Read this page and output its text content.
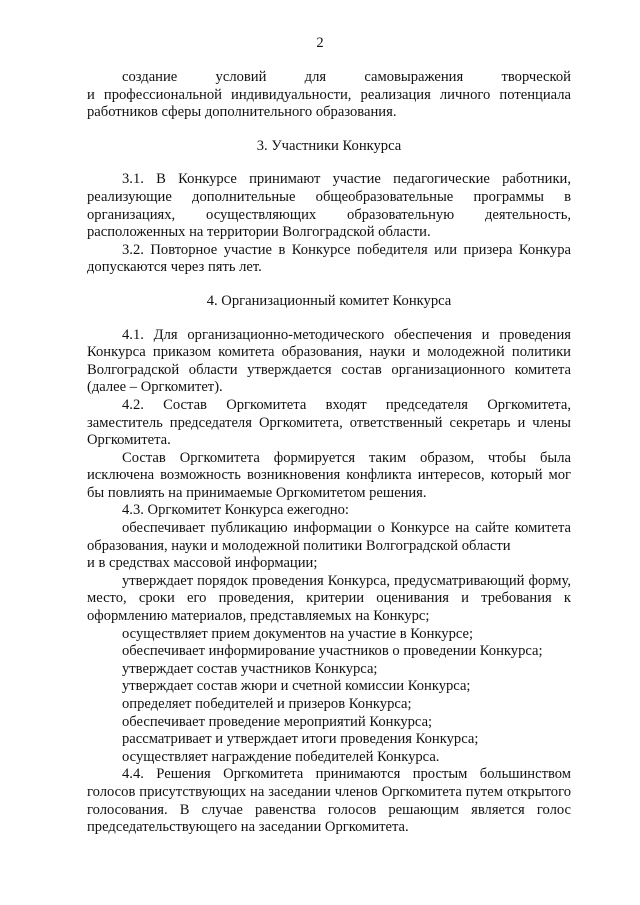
2

создание условий для самовыражения творческой

и профессиональной индивидуальности, реализация личного потенциала работников сферы дополнительного образования.

3. Участники Конкурса

3.1. В Конкурсе принимают участие педагогические работники, реализующие дополнительные общеобразовательные программы в организациях, осуществляющих образовательную деятельность, расположенных на территории Волгоградской области.

3.2. Повторное участие в Конкурсе победителя или призера Конкура допускаются через пять лет.

4. Организационный комитет Конкурса

4.1. Для организационно-методического обеспечения и проведения Конкурса приказом комитета образования, науки и молодежной политики Волгоградской области утверждается состав организационного комитета (далее – Оргкомитет).

4.2. Состав Оргкомитета входят председателя Оргкомитета, заместитель председателя Оргкомитета, ответственный секретарь и члены Оргкомитета.

Состав Оргкомитета формируется таким образом, чтобы была исключена возможность возникновения конфликта интересов, который мог бы повлиять на принимаемые Оргкомитетом решения.

4.3. Оргкомитет Конкурса ежегодно:

обеспечивает публикацию информации о Конкурсе на сайте комитета образования, науки и молодежной политики Волгоградской области

и в средствах массовой информации;

утверждает порядок проведения Конкурса, предусматривающий форму, место, сроки его проведения, критерии оценивания и требования к оформлению материалов, представляемых на Конкурс;

осуществляет прием документов на участие в Конкурсе;

обеспечивает информирование участников о проведении Конкурса;

утверждает состав участников Конкурса;

утверждает состав жюри и счетной комиссии Конкурса;

определяет победителей и призеров Конкурса;

обеспечивает проведение мероприятий Конкурса;

рассматривает и утверждает итоги проведения Конкурса;

осуществляет награждение победителей Конкурса.

4.4. Решения Оргкомитета принимаются простым большинством голосов присутствующих на заседании членов Оргкомитета путем открытого голосования. В случае равенства голосов решающим является голос председательствующего на заседании Оргкомитета.
